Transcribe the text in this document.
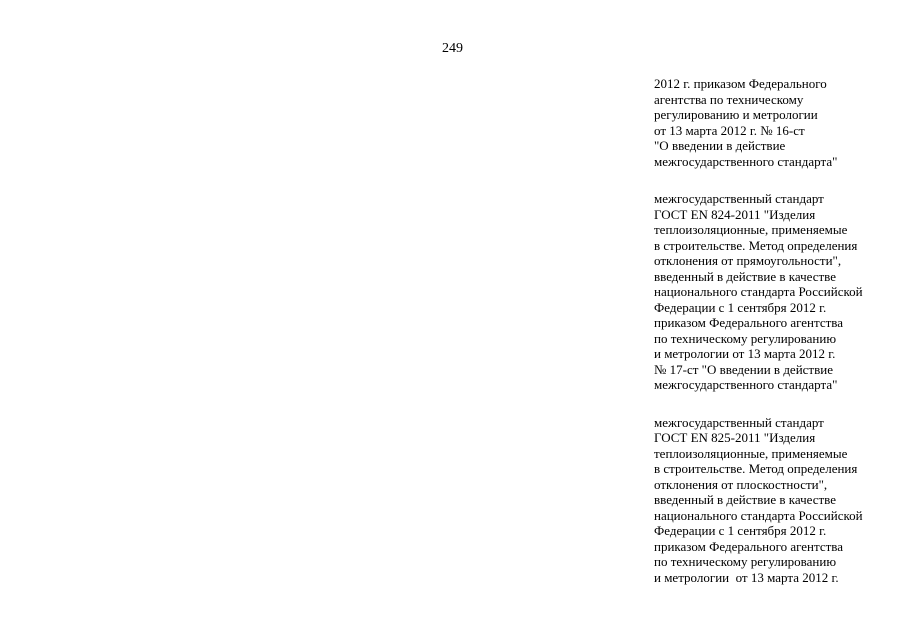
249
2012 г. приказом Федерального
агентства по техническому
регулированию и метрологии
от 13 марта 2012 г. № 16-ст
"О введении в действие
межгосударственного стандарта"
межгосударственный стандарт
ГОСТ EN 824-2011 "Изделия
теплоизоляционные, применяемые
в строительстве. Метод определения
отклонения от прямоугольности",
введенный в действие в качестве
национального стандарта Российской
Федерации с 1 сентября 2012 г.
приказом Федерального агентства
по техническому регулированию
и метрологии от 13 марта 2012 г.
№ 17-ст "О введении в действие
межгосударственного стандарта"
межгосударственный стандарт
ГОСТ EN 825-2011 "Изделия
теплоизоляционные, применяемые
в строительстве. Метод определения
отклонения от плоскостности",
введенный в действие в качестве
национального стандарта Российской
Федерации с 1 сентября 2012 г.
приказом Федерального агентства
по техническому регулированию
и метрологии  от 13 марта 2012 г.
